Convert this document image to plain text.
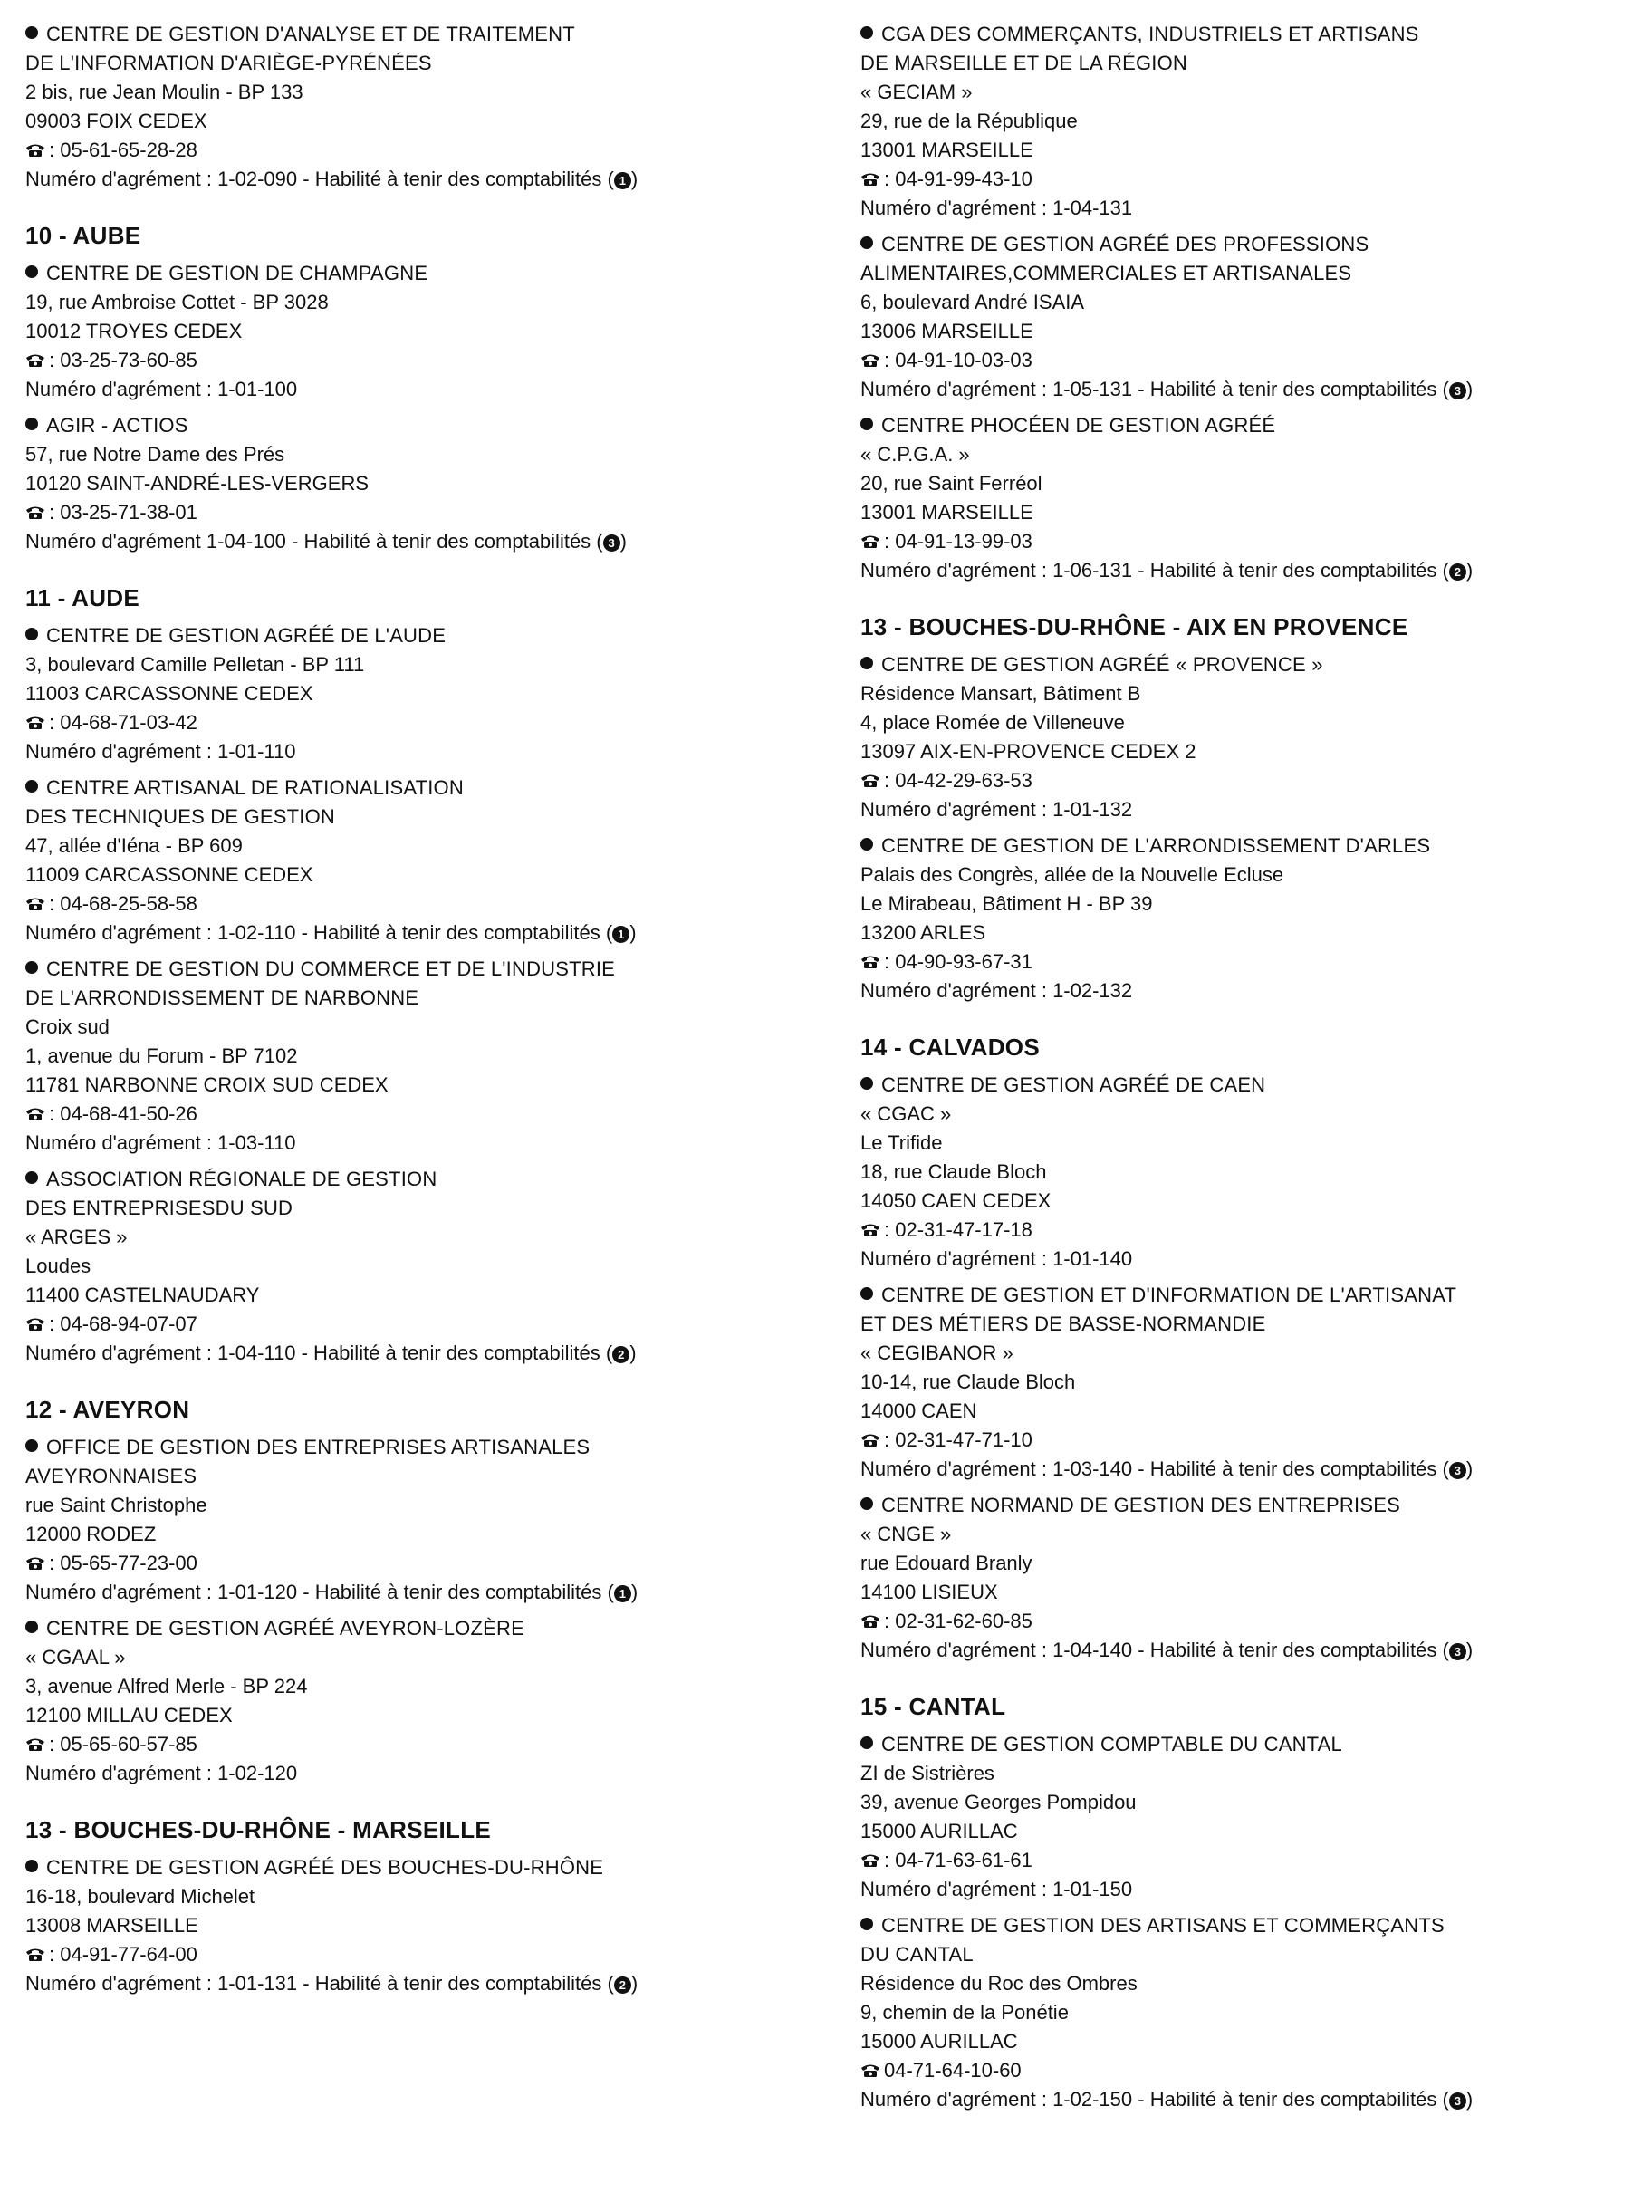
CENTRE DE GESTION D'ANALYSE ET DE TRAITEMENT
DE L'INFORMATION D'ARIÈGE-PYRÉNÉES
2 bis, rue Jean Moulin - BP 133
09003 FOIX CEDEX
: 05-61-65-28-28
Numéro d'agrément : 1-02-090 - Habilité à tenir des comptabilités ( 1 )
10 - AUBE
CENTRE DE GESTION DE CHAMPAGNE
19, rue Ambroise Cottet - BP 3028
10012 TROYES CEDEX
: 03-25-73-60-85
Numéro d'agrément : 1-01-100
AGIR - ACTIOS
57, rue Notre Dame des Prés
10120 SAINT-ANDRÉ-LES-VERGERS
: 03-25-71-38-01
Numéro d'agrément 1-04-100 - Habilité à tenir des comptabilités ( 3 )
11 - AUDE
CENTRE DE GESTION AGRÉÉ DE L'AUDE
3, boulevard Camille Pelletan - BP 111
11003 CARCASSONNE CEDEX
: 04-68-71-03-42
Numéro d'agrément : 1-01-110
CENTRE ARTISANAL DE RATIONALISATION
DES TECHNIQUES DE GESTION
47, allée d'Iéna - BP 609
11009 CARCASSONNE CEDEX
: 04-68-25-58-58
Numéro d'agrément : 1-02-110 - Habilité à tenir des comptabilités ( 1 )
CENTRE DE GESTION DU COMMERCE ET DE L'INDUSTRIE
DE L'ARRONDISSEMENT DE NARBONNE
Croix sud
1, avenue du Forum - BP 7102
11781 NARBONNE CROIX SUD CEDEX
: 04-68-41-50-26
Numéro d'agrément : 1-03-110
ASSOCIATION RÉGIONALE DE GESTION
DES ENTREPRISESDU SUD
« ARGES »
Loudes
11400 CASTELNAUDARY
: 04-68-94-07-07
Numéro d'agrément : 1-04-110 - Habilité à tenir des comptabilités ( 2 )
12 - AVEYRON
OFFICE DE GESTION DES ENTREPRISES ARTISANALES
AVEYRONNAISES
rue Saint Christophe
12000 RODEZ
: 05-65-77-23-00
Numéro d'agrément : 1-01-120 - Habilité à tenir des comptabilités ( 1 )
CENTRE DE GESTION AGRÉÉ AVEYRON-LOZÈRE
« CGAAL »
3, avenue Alfred Merle - BP 224
12100 MILLAU CEDEX
: 05-65-60-57-85
Numéro d'agrément : 1-02-120
13 - BOUCHES-DU-RHÔNE - MARSEILLE
CENTRE DE GESTION AGRÉÉ DES BOUCHES-DU-RHÔNE
16-18, boulevard Michelet
13008 MARSEILLE
: 04-91-77-64-00
Numéro d'agrément : 1-01-131 - Habilité à tenir des comptabilités ( 2 )
CGA DES COMMERÇANTS, INDUSTRIELS ET ARTISANS
DE MARSEILLE ET DE LA RÉGION
« GECIAM »
29, rue de la République
13001 MARSEILLE
: 04-91-99-43-10
Numéro d'agrément : 1-04-131
CENTRE DE GESTION AGRÉÉ DES PROFESSIONS
ALIMENTAIRES,COMMERCIALES ET ARTISANALES
6, boulevard André ISAIA
13006 MARSEILLE
: 04-91-10-03-03
Numéro d'agrément : 1-05-131 - Habilité à tenir des comptabilités ( 3 )
CENTRE PHOCÉEN DE GESTION AGRÉÉ
« C.P.G.A. »
20, rue Saint Ferréol
13001 MARSEILLE
: 04-91-13-99-03
Numéro d'agrément : 1-06-131 - Habilité à tenir des comptabilités ( 2 )
13 - BOUCHES-DU-RHÔNE - AIX EN PROVENCE
CENTRE DE GESTION AGRÉÉ « PROVENCE »
Résidence Mansart, Bâtiment B
4, place Romée de Villeneuve
13097 AIX-EN-PROVENCE CEDEX 2
: 04-42-29-63-53
Numéro d'agrément : 1-01-132
CENTRE DE GESTION DE L'ARRONDISSEMENT D'ARLES
Palais des Congrès, allée de la Nouvelle Ecluse
Le Mirabeau, Bâtiment H - BP 39
13200 ARLES
: 04-90-93-67-31
Numéro d'agrément : 1-02-132
14 - CALVADOS
CENTRE DE GESTION AGRÉÉ DE CAEN
« CGAC »
Le Trifide
18, rue Claude Bloch
14050 CAEN CEDEX
: 02-31-47-17-18
Numéro d'agrément : 1-01-140
CENTRE DE GESTION ET D'INFORMATION DE L'ARTISANAT
ET DES MÉTIERS DE BASSE-NORMANDIE
« CEGIBANOR »
10-14, rue Claude Bloch
14000 CAEN
: 02-31-47-71-10
Numéro d'agrément : 1-03-140 - Habilité à tenir des comptabilités ( 3 )
CENTRE NORMAND DE GESTION DES ENTREPRISES
« CNGE »
rue Edouard Branly
14100 LISIEUX
: 02-31-62-60-85
Numéro d'agrément : 1-04-140 - Habilité à tenir des comptabilités ( 3 )
15 - CANTAL
CENTRE DE GESTION COMPTABLE DU CANTAL
ZI de Sistrières
39, avenue Georges Pompidou
15000 AURILLAC
: 04-71-63-61-61
Numéro d'agrément : 1-01-150
CENTRE DE GESTION DES ARTISANS ET COMMERÇANTS
DU CANTAL
Résidence du Roc des Ombres
9, chemin de la Ponétie
15000 AURILLAC
04-71-64-10-60
Numéro d'agrément : 1-02-150 - Habilité à tenir des comptabilités ( 3 )
